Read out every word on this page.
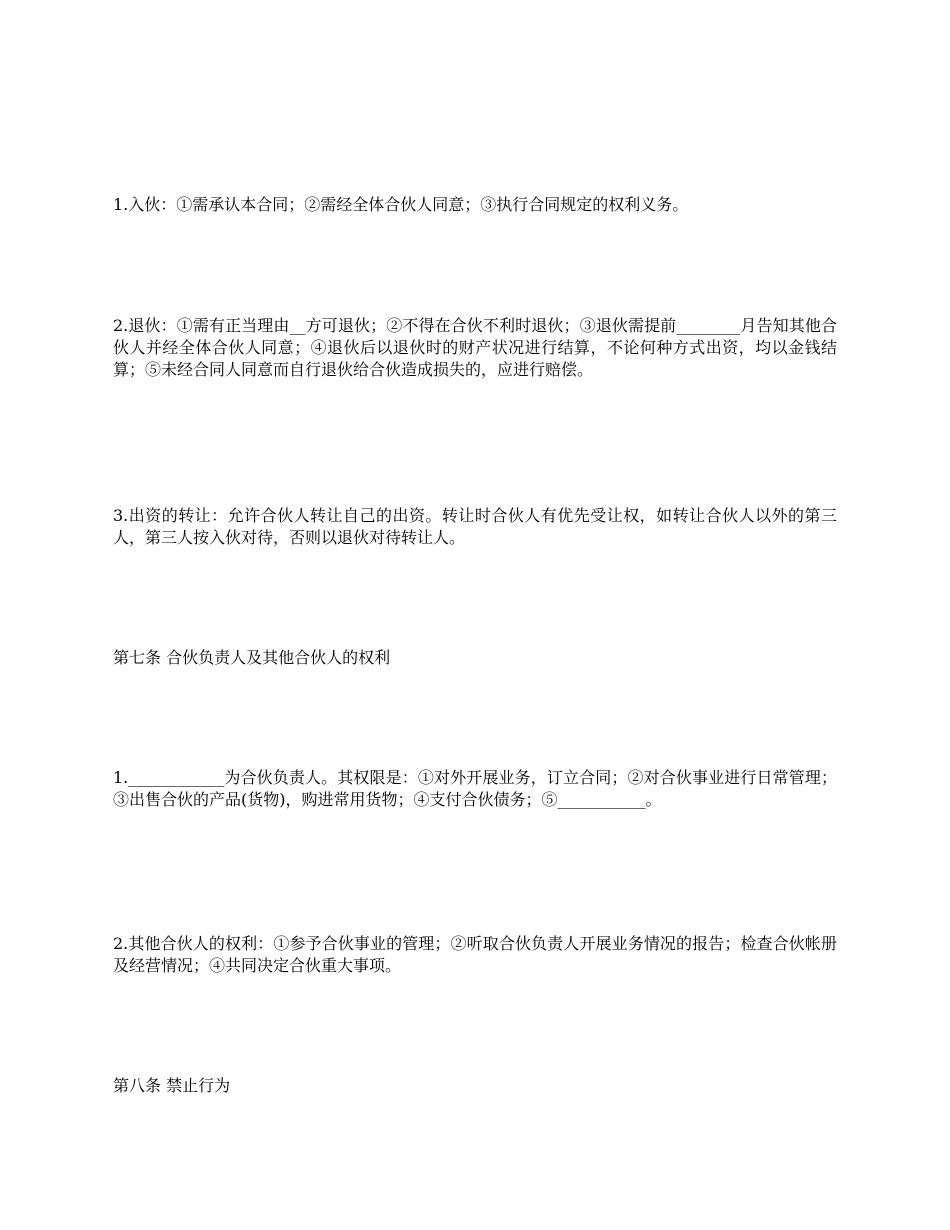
1.入伙：①需承认本合同；②需经全体合伙人同意；③执行合同规定的权利义务。

2.退伙：①需有正当理由__方可退伙；②不得在合伙不利时退伙；③退伙需提前________月告知其他合伙人并经全体合伙人同意；④退伙后以退伙时的财产状况进行结算，不论何种方式出资，均以金钱结算；⑤未经合同人同意而自行退伙给合伙造成损失的，应进行赔偿。

3.出资的转让：允许合伙人转让自己的出资。转让时合伙人有优先受让权，如转让合伙人以外的第三人，第三人按入伙对待，否则以退伙对待转让人。

第七条 合伙负责人及其他合伙人的权利

1.____________为合伙负责人。其权限是：①对外开展业务，订立合同；②对合伙事业进行日常管理；③出售合伙的产品(货物)，购进常用货物；④支付合伙债务；⑤___________。

2.其他合伙人的权利：①参予合伙事业的管理；②听取合伙负责人开展业务情况的报告；检查合伙帐册及经营情况；④共同决定合伙重大事项。

第八条 禁止行为
